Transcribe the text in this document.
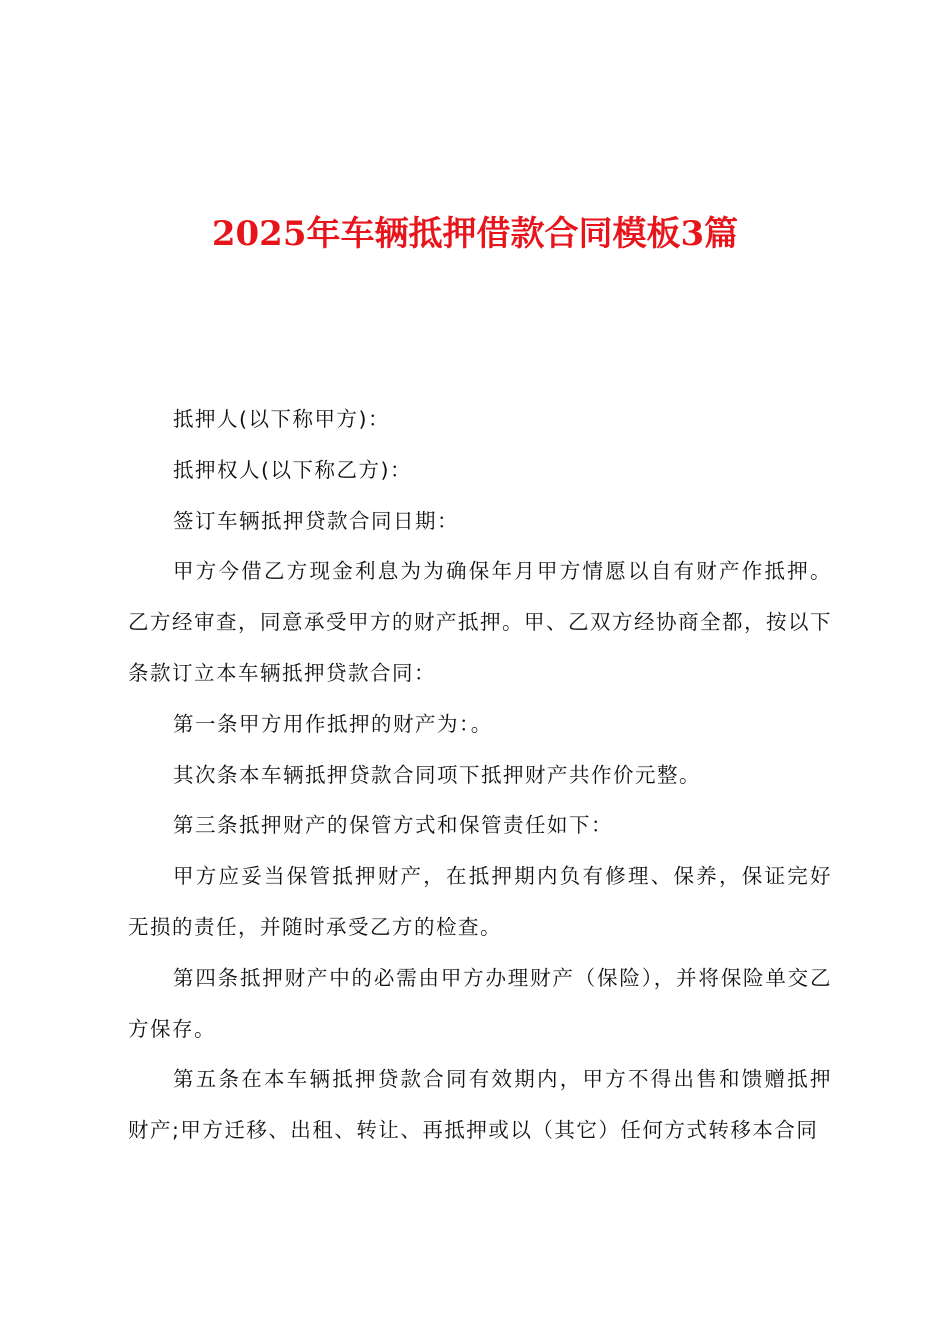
2025年车辆抵押借款合同模板3篇

抵押人(以下称甲方)：

抵押权人(以下称乙方)：

签订车辆抵押贷款合同日期：

甲方今借乙方现金利息为为确保年月甲方情愿以自有财产作抵押。乙方经审查，同意承受甲方的财产抵押。甲、乙双方经协商全都，按以下条款订立本车辆抵押贷款合同：

第一条甲方用作抵押的财产为：。

其次条本车辆抵押贷款合同项下抵押财产共作价元整。

第三条抵押财产的保管方式和保管责任如下：

甲方应妥当保管抵押财产，在抵押期内负有修理、保养，保证完好无损的责任，并随时承受乙方的检查。

第四条抵押财产中的必需由甲方办理财产（保险），并将保险单交乙方保存。

第五条在本车辆抵押贷款合同有效期内，甲方不得出售和馈赠抵押财产;甲方迁移、出租、转让、再抵押或以（其它）任何方式转移本合同
